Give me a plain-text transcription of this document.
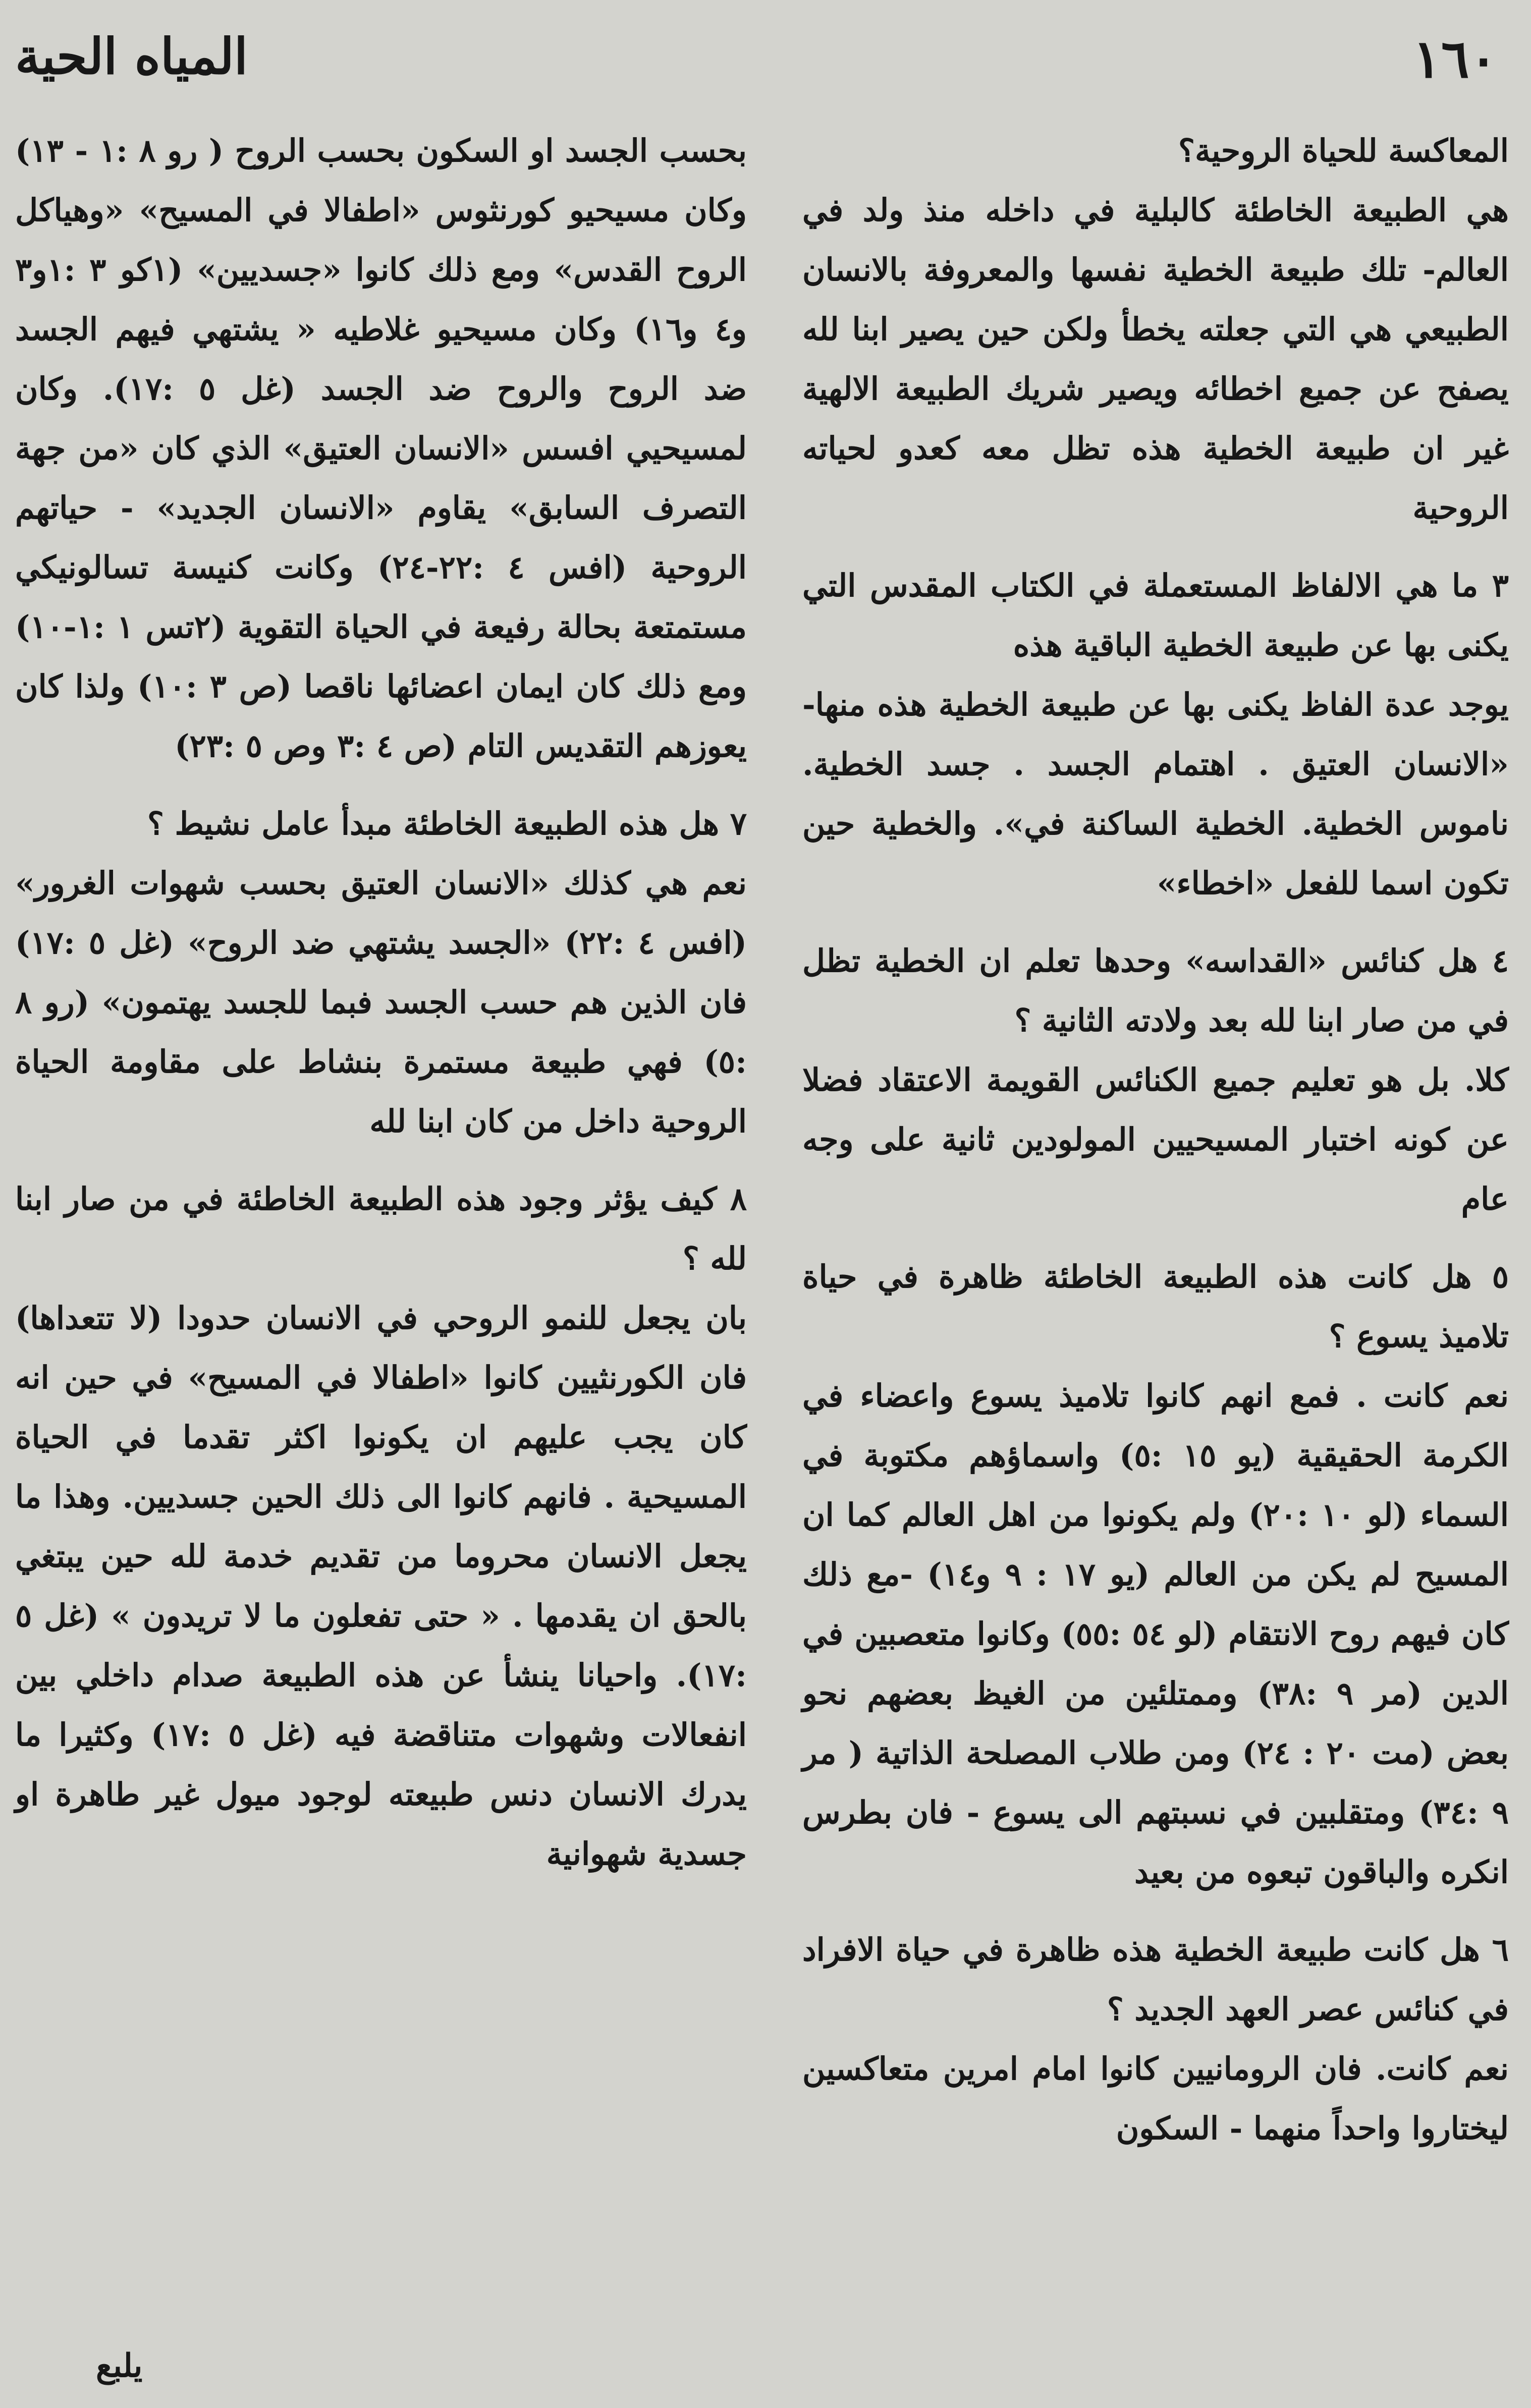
١٦٠
المياه الحية

المعاكسة للحياة الروحية؟

هي الطبيعة الخاطئة كالبلية في داخله منذ ولد في العالم- تلك طبيعة الخطية نفسها والمعروفة بالانسان الطبيعي هي التي جعلته يخطأ ولكن حين يصير ابنا لله يصفح عن جميع اخطائه ويصير شريك الطبيعة الالهية غير ان طبيعة الخطية هذه تظل معه كعدو لحياته الروحية

٣ ما هي الالفاظ المستعملة في الكتاب المقدس التي يكنى بها عن طبيعة الخطية الباقية هذه

يوجد عدة الفاظ يكنى بها عن طبيعة الخطية هذه منها- «الانسان العتيق . اهتمام الجسد . جسد الخطية. ناموس الخطية. الخطية الساكنة في». والخطية حين تكون اسما للفعل «اخطاء»

٤ هل كنائس «القداسه» وحدها تعلم ان الخطية تظل في من صار ابنا لله بعد ولادته الثانية ؟

كلا. بل هو تعليم جميع الكنائس القويمة الاعتقاد فضلا عن كونه اختبار المسيحيين المولودين ثانية على وجه عام

٥ هل كانت هذه الطبيعة الخاطئة ظاهرة في حياة تلاميذ يسوع ؟

نعم كانت . فمع انهم كانوا تلاميذ يسوع واعضاء في الكرمة الحقيقية (يو ١٥ :٥) واسماؤهم مكتوبة في السماء (لو ١٠ :٢٠) ولم يكونوا من اهل العالم كما ان المسيح لم يكن من العالم (يو ١٧ : ٩ و١٤) -مع ذلك كان فيهم روح الانتقام (لو ٥٤ :٥٥) وكانوا متعصبين في الدين (مر ٩ :٣٨) وممتلئين من الغيظ بعضهم نحو بعض (مت ٢٠ : ٢٤) ومن طلاب المصلحة الذاتية ( مر ٩ :٣٤) ومتقلبين في نسبتهم الى يسوع - فان بطرس انكره والباقون تبعوه من بعيد

٦ هل كانت طبيعة الخطية هذه ظاهرة في حياة الافراد في كنائس عصر العهد الجديد ؟

نعم كانت. فان الرومانيين كانوا امام امرين متعاكسين ليختاروا واحداً منهما - السكون

بحسب الجسد او السكون بحسب الروح ( رو ٨ :١ - ١٣) وكان مسيحيو كورنثوس «اطفالا في المسيح» «وهياكل الروح القدس» ومع ذلك كانوا «جسديين» (١كو ٣ :١و٣ و٤ و١٦) وكان مسيحيو غلاطيه « يشتهي فيهم الجسد ضد الروح والروح ضد الجسد (غل ٥ :١٧). وكان لمسيحيي افسس «الانسان العتيق» الذي كان «من جهة التصرف السابق» يقاوم «الانسان الجديد» - حياتهم الروحية (افس ٤ :٢٢-٢٤) وكانت كنيسة تسالونيكي مستمتعة بحالة رفيعة في الحياة التقوية (٢تس ١ :١-١٠) ومع ذلك كان ايمان اعضائها ناقصا (ص ٣ :١٠) ولذا كان يعوزهم التقديس التام (ص ٤ :٣ وص ٥ :٢٣)

٧ هل هذه الطبيعة الخاطئة مبدأ عامل نشيط ؟

نعم هي كذلك «الانسان العتيق بحسب شهوات الغرور» (افس ٤ :٢٢) «الجسد يشتهي ضد الروح» (غل ٥ :١٧) فان الذين هم حسب الجسد فبما للجسد يهتمون» (رو ٨ :٥) فهي طبيعة مستمرة بنشاط على مقاومة الحياة الروحية داخل من كان ابنا لله

٨ كيف يؤثر وجود هذه الطبيعة الخاطئة في من صار ابنا لله ؟

بان يجعل للنمو الروحي في الانسان حدودا (لا تتعداها) فان الكورنثيين كانوا «اطفالا في المسيح» في حين انه كان يجب عليهم ان يكونوا اكثر تقدما في الحياة المسيحية . فانهم كانوا الى ذلك الحين جسديين. وهذا ما يجعل الانسان محروما من تقديم خدمة لله حين يبتغي بالحق ان يقدمها . « حتى تفعلون ما لا تريدون » (غل ٥ :١٧). واحيانا ينشأ عن هذه الطبيعة صدام داخلي بين انفعالات وشهوات متناقضة فيه (غل ٥ :١٧) وكثيرا ما يدرك الانسان دنس طبيعته لوجود ميول غير طاهرة او جسدية شهوانية

يلبع
